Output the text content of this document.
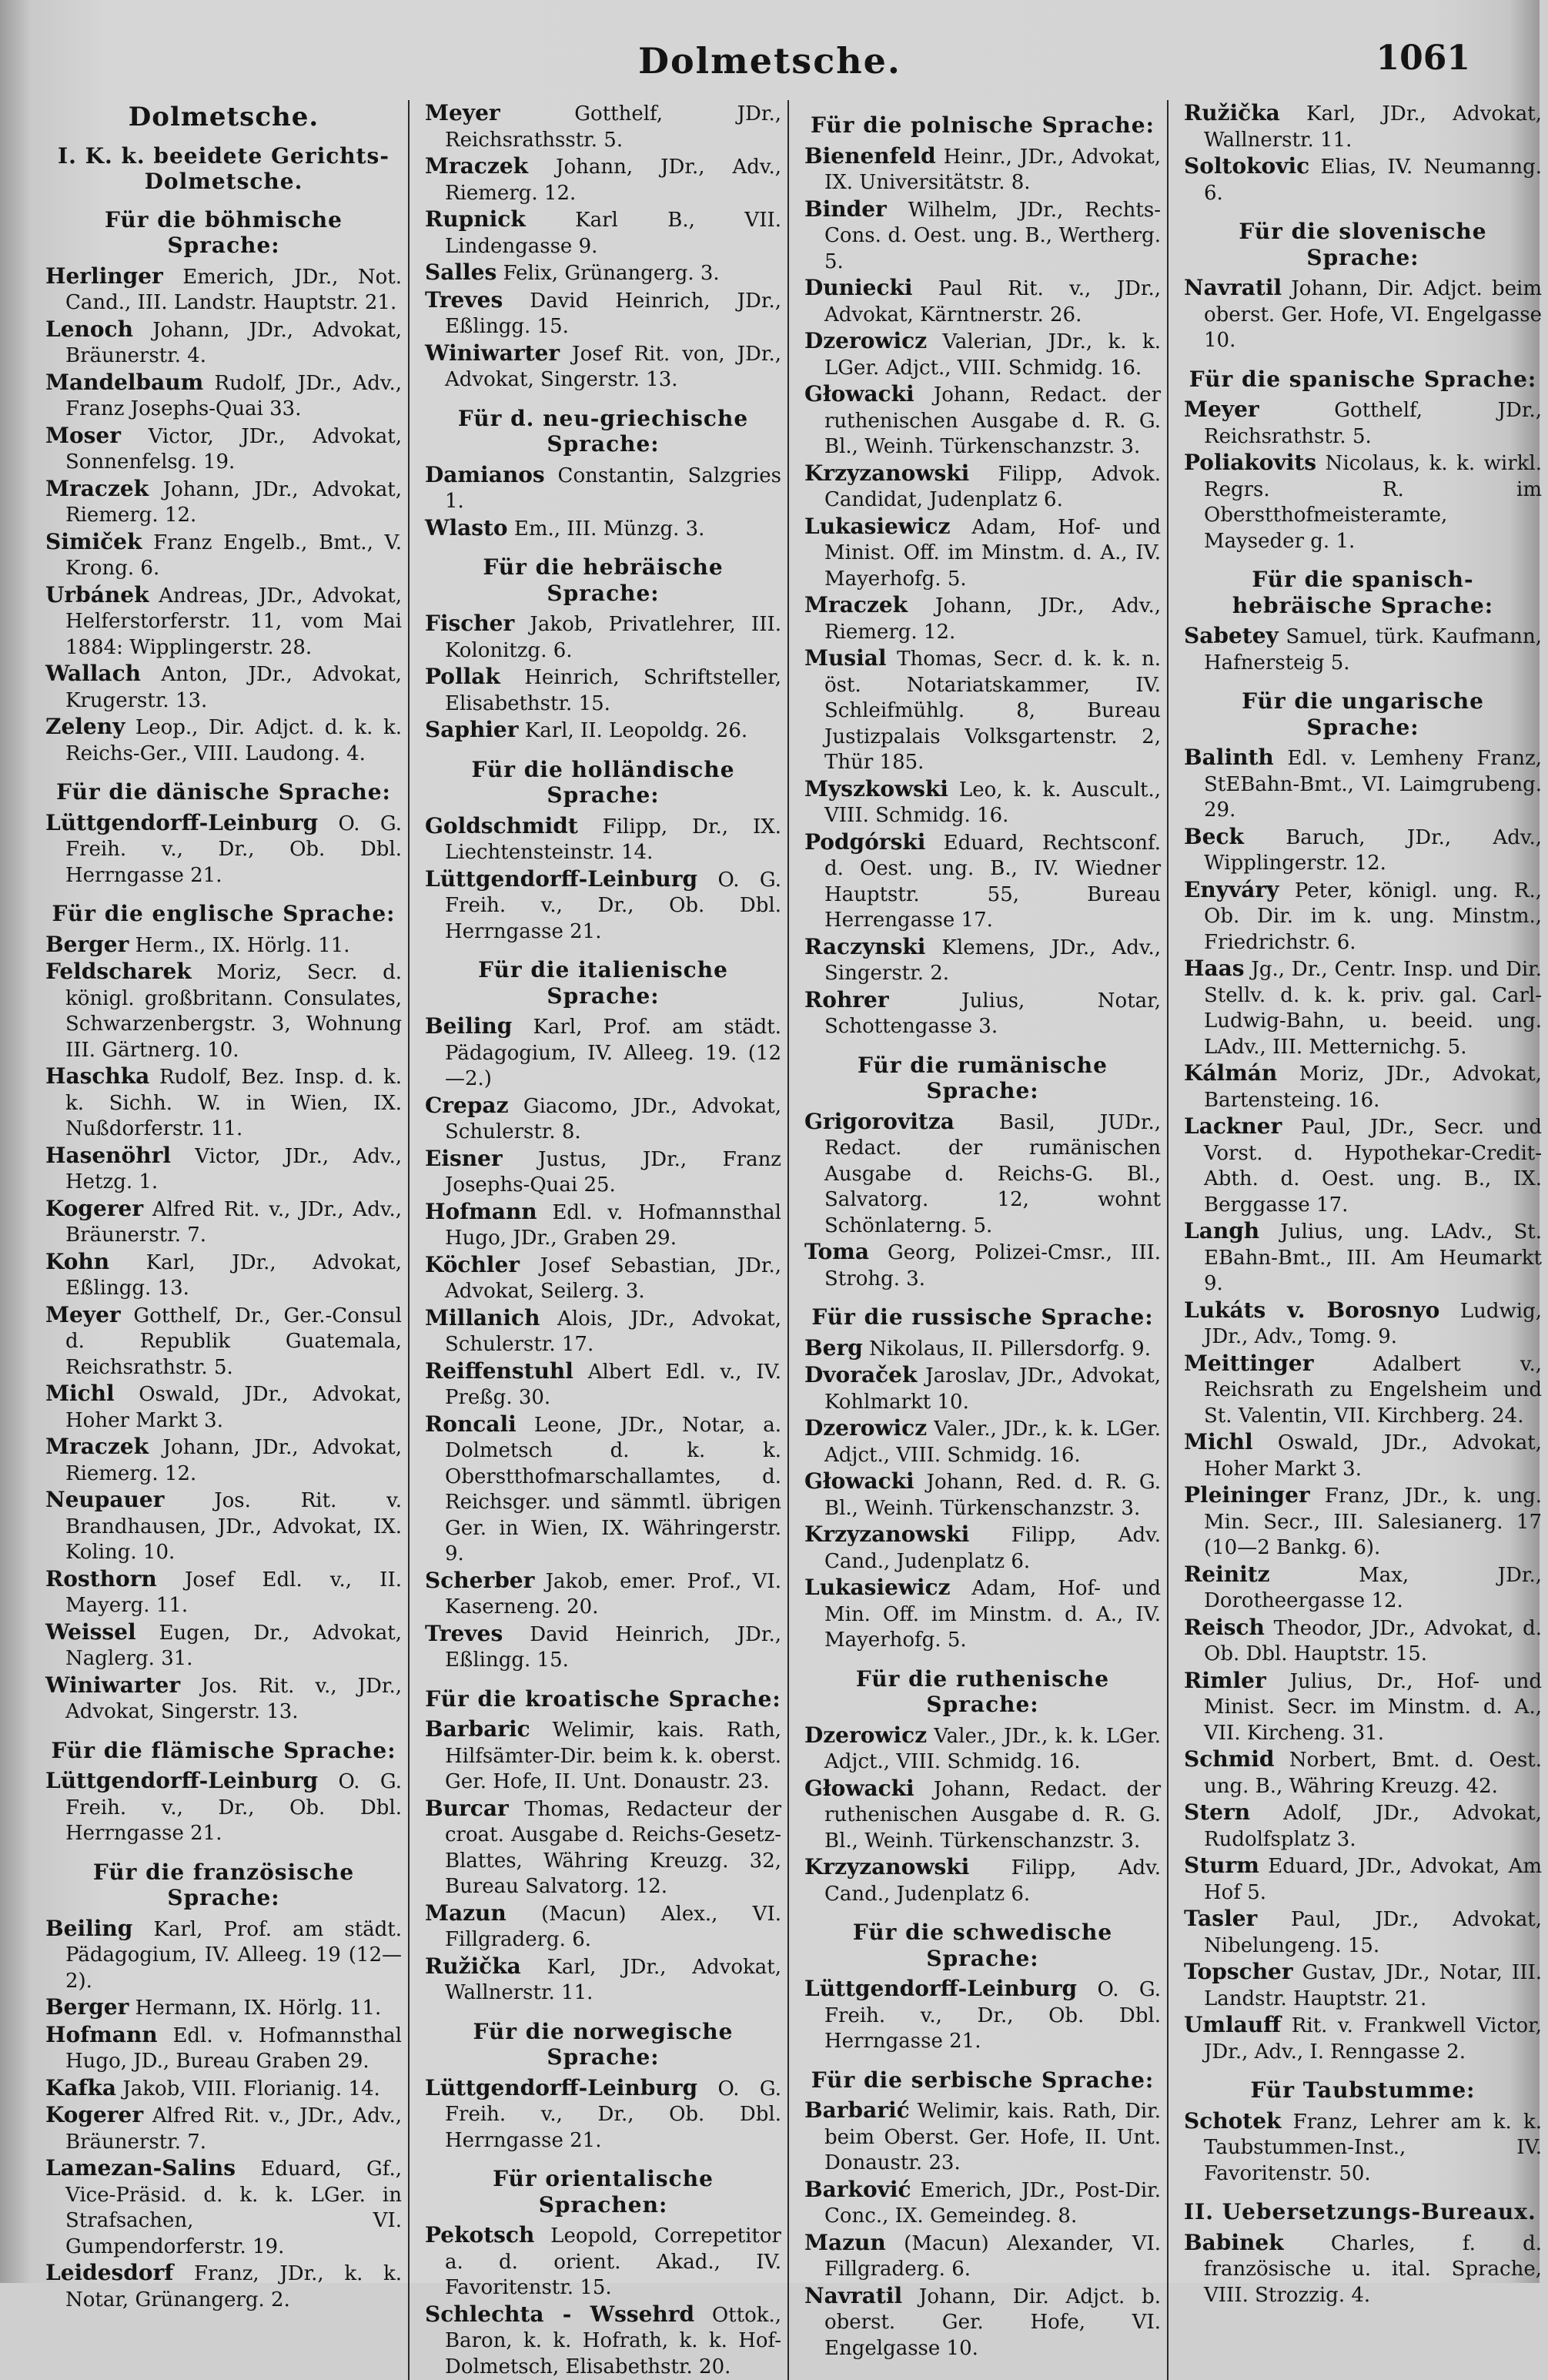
Dolmetsche.	1061
Dolmetsche.
I. K. k. beeidete Gerichts-Dolmetsche.
Für die böhmische Sprache:
Herlinger Emerich, JDr., Not. Cand., III. Landstr. Hauptstr. 21.
Lenoch Johann, JDr., Advokat, Bräunerstr. 4.
Mandelbaum Rudolf, JDr., Adv., Franz Josephs-Quai 33.
Moser Victor, JDr., Advokat, Sonnenfelsg. 19.
Mraczek Johann, JDr., Advokat, Riemerg. 12.
Simiček Franz Engelb., Bmt., V. Krong. 6.
Urbánek Andreas, JDr., Advokat, Helferstorferstr. 11, vom Mai 1884: Wipplingerstr. 28.
Wallach Anton, JDr., Advokat, Krugerstr. 13.
Zeleny Leop., Dir. Adjct. d. k. k. Reichs-Ger., VIII. Laudong. 4.
Für die dänische Sprache:
Lüttgendorff-Leinburg O. G. Freih. v., Dr., Ob. Dbl. Herrngasse 21.
Für die englische Sprache:
Berger Herm., IX. Hörlg. 11.
Feldscharek Moriz, Secr. d. königl. großbritann. Consulates, Schwarzenbergstr. 3, Wohnung III. Gärtnerg. 10.
Haschka Rudolf, Bez. Insp. d. k. k. Sichh. W. in Wien, IX. Nußdorferstr. 11.
Hasenöhrl Victor, JDr., Adv., Hetzg. 1.
Kogerer Alfred Rit. v., JDr., Adv., Bräunerstr. 7.
Kohn Karl, JDr., Advokat, Eßlingg. 13.
Meyer Gotthelf, Dr., Ger.-Consul d. Republik Guatemala, Reichsrathstr. 5.
Michl Oswald, JDr., Advokat, Hoher Markt 3.
Mraczek Johann, JDr., Advokat, Riemerg. 12.
Neupauer Jos. Rit. v. Brandhausen, JDr., Advokat, IX. Koling. 10.
Rosthorn Josef Edl. v., II. Mayerg. 11.
Weissel Eugen, Dr., Advokat, Naglerg. 31.
Winiwarter Jos. Rit. v., JDr., Advokat, Singerstr. 13.
Für die flämische Sprache:
Lüttgendorff-Leinburg O. G. Freih. v., Dr., Ob. Dbl. Herrngasse 21.
Für die französische Sprache:
Beiling Karl, Prof. am städt. Pädagogium, IV. Alleeg. 19 (12—2).
Berger Hermann, IX. Hörlg. 11.
Hofmann Edl. v. Hofmannsthal Hugo, JD., Bureau Graben 29.
Kafka Jakob, VIII. Florianig. 14.
Kogerer Alfred Rit. v., JDr., Adv., Bräunerstr. 7.
Lamezan-Salins Eduard, Gf., Vice-Präsid. d. k. k. LGer. in Strafsachen, VI. Gumpendorferstr. 19.
Leidesdorf Franz, JDr., k. k. Notar, Grünangerg. 2.
Meyer	Gotthelf, JDr., Reichsrathsstr. 5.
Mraczek Johann, JDr., Adv., Riemerg. 12.
Rupnick Karl B., VII. Lindengasse 9.
Salles Felix, Grünangerg. 3.
Treves David Heinrich, JDr., Eßlingg. 15.
Winiwarter Josef Rit. von, JDr., Advokat, Singerstr. 13.
Für d. neu-griechische Sprache:
Damianos Constantin, Salzgries 1.
Wlasto Em., III. Münzg. 3.
Für die hebräische Sprache:
Fischer Jakob, Privatlehrer, III. Kolonitzg. 6.
Pollak Heinrich, Schriftsteller, Elisabethstr. 15.
Saphier Karl, II. Leopoldg. 26.
Für die holländische Sprache:
Goldschmidt Filipp, Dr., IX. Liechtensteinstr. 14.
Lüttgendorff-Leinburg O. G. Freih. v., Dr., Ob. Dbl. Herrngasse 21.
Für die italienische Sprache:
Beiling Karl, Prof. am städt. Pädagogium, IV. Alleeg. 19. (12—2.)
Crepaz Giacomo, JDr., Advokat, Schulerstr. 8.
Eisner Justus, JDr., Franz Josephs-Quai 25.
Hofmann Edl. v. Hofmannsthal Hugo, JDr., Graben 29.
Köchler Josef Sebastian, JDr., Advokat, Seilerg. 3.
Millanich Alois, JDr., Advokat, Schulerstr. 17.
Reiffenstuhl Albert Edl. v., IV. Preßg. 30.
Roncali Leone, JDr., Notar, a. Dolmetsch d. k. k. Oberstthofmarschallamtes, d. Reichsger. und sämmtl. übrigen Ger. in Wien, IX. Währingerstr. 9.
Scherber Jakob, emer. Prof., VI. Kaserneng. 20.
Treves David Heinrich, JDr., Eßlingg. 15.
Für die kroatische Sprache:
Barbaric Welimir, kais. Rath, Hilfsämter-Dir. beim k. k. oberst. Ger. Hofe, II. Unt. Donaustr. 23.
Burcar Thomas, Redacteur der croat. Ausgabe d. Reichs-Gesetz-Blattes, Währing Kreuzg. 32, Bureau Salvatorg. 12.
Mazun (Macun) Alex., VI. Fillgraderg. 6.
Ružička Karl, JDr., Advokat, Wallnerstr. 11.
Für die norwegische Sprache:
Lüttgendorff-Leinburg O. G. Freih. v., Dr., Ob. Dbl. Herrngasse 21.
Für orientalische Sprachen:
Pekotsch Leopold, Correpetitor a. d. orient. Akad., IV. Favoritenstr. 15.
Schlechta - Wssehrd Ottok., Baron, k. k. Hofrath, k. k. Hof-Dolmetsch, Elisabethstr. 20.
Für die polnische Sprache:
Bienenfeld Heinr., JDr., Advokat, IX. Universitätstr. 8.
Binder Wilhelm, JDr., Rechts-Cons. d. Oest. ung. B., Wertherg. 5.
Duniecki Paul Rit. v., JDr., Advokat, Kärntnerstr. 26.
Dzerowicz Valerian, JDr., k. k. LGer. Adjct., VIII. Schmidg. 16.
Głowacki Johann, Redact. der ruthenischen Ausgabe d. R. G. Bl., Weinh. Türkenschanzstr. 3.
Krzyzanowski Filipp, Advok. Candidat, Judenplatz 6.
Lukasiewicz Adam, Hof- und Minist. Off. im Minstm. d. A., IV. Mayerhofg. 5.
Mraczek Johann, JDr., Adv., Riemerg. 12.
Musial Thomas, Secr. d. k. k. n. öst. Notariatskammer, IV. Schleifmühlg. 8, Bureau Justizpalais Volksgartenstr. 2, Thür 185.
Myszkowski Leo, k. k. Auscult., VIII. Schmidg. 16.
Podgórski Eduard, Rechtsconf. d. Oest. ung. B., IV. Wiedner Hauptstr. 55, Bureau Herrengasse 17.
Raczynski Klemens, JDr., Adv., Singerstr. 2.
Rohrer	Julius, Notar, Schottengasse 3.
Für die rumänische Sprache:
Grigorovitza Basil, JUDr., Redact. der rumänischen Ausgabe d. Reichs-G. Bl., Salvatorg. 12, wohnt Schönlaterng. 5.
Toma Georg, Polizei-Cmsr., III. Strohg. 3.
Für die russische Sprache:
Berg Nikolaus, II. Pillersdorfg. 9.
Dvoraček Jaroslav, JDr., Advokat, Kohlmarkt 10.
Dzerowicz Valer., JDr., k. k. LGer. Adjct., VIII. Schmidg. 16.
Głowacki Johann, Red. d. R. G. Bl., Weinh. Türkenschanzstr. 3.
Krzyzanowski Filipp, Adv. Cand., Judenplatz 6.
Lukasiewicz Adam, Hof- und Min. Off. im Minstm. d. A., IV. Mayerhofg. 5.
Für die ruthenische Sprache:
Dzerowicz Valer., JDr., k. k. LGer. Adjct., VIII. Schmidg. 16.
Głowacki Johann, Redact. der ruthenischen Ausgabe d. R. G. Bl., Weinh. Türkenschanzstr. 3.
Krzyzanowski Filipp, Adv. Cand., Judenplatz 6.
Für die schwedische Sprache:
Lüttgendorff-Leinburg O. G. Freih. v., Dr., Ob. Dbl. Herrngasse 21.
Für die serbische Sprache:
Barbarić Welimir, kais. Rath, Dir. beim Oberst. Ger. Hofe, II. Unt. Donaustr. 23.
Barković Emerich, JDr., Post-Dir. Conc., IX. Gemeindeg. 8.
Mazun (Macun) Alexander, VI. Fillgraderg. 6.
Navratil Johann, Dir. Adjct. b. oberst. Ger. Hofe, VI. Engelgasse 10.
Ružička Karl, JDr., Advokat, Wallnerstr. 11.
Soltokovic Elias, IV. Neumanng. 6.
Für die slovenische Sprache:
Navratil Johann, Dir. Adjct. beim oberst. Ger. Hofe, VI. Engelgasse 10.
Für die spanische Sprache:
Meyer	Gotthelf, JDr., Reichsrathstr. 5.
Poliakovits Nicolaus, k. k. wirkl. Regrs. R. im Oberstthofmeisteramte, Mayseder g. 1.
Für die spanisch-hebräische Sprache:
Sabetey Samuel, türk. Kaufmann, Hafnersteig 5.
Für die ungarische Sprache:
Balinth Edl. v. Lemheny Franz, StEBahn-Bmt., VI. Laimgrubeng. 29.
Beck Baruch, JDr., Adv., Wipplingerstr. 12.
Enyváry Peter, königl. ung. R., Ob. Dir. im k. ung. Minstm., Friedrichstr. 6.
Haas Jg., Dr., Centr. Insp. und Dir. Stellv. d. k. k. priv. gal. Carl-Ludwig-Bahn, u. beeid. ung. LAdv., III. Metternichg. 5.
Kálmán Moriz, JDr., Advokat, Bartensteing. 16.
Lackner Paul, JDr., Secr. und Vorst. d. Hypothekar-Credit-Abth. d. Oest. ung. B., IX. Berggasse 17.
Langh Julius, ung. LAdv., St. EBahn-Bmt., III. Am Heumarkt 9.
Lukáts v. Borosnyo Ludwig, JDr., Adv., Tomg. 9.
Meittinger	Adalbert v., Reichsrath zu Engelsheim und St. Valentin, VII. Kirchberg. 24.
Michl Oswald, JDr., Advokat, Hoher Markt 3.
Pleininger Franz, JDr., k. ung. Min. Secr., III. Salesianerg. 17 (10—2 Bankg. 6).
Reinitz	Max, JDr., Dorotheergasse 12.
Reisch Theodor, JDr., Advokat, d. Ob. Dbl. Hauptstr. 15.
Rimler Julius, Dr., Hof- und Minist. Secr. im Minstm. d. A., VII. Kircheng. 31.
Schmid Norbert, Bmt. d. Oest. ung. B., Währing Kreuzg. 42.
Stern Adolf, JDr., Advokat, Rudolfsplatz 3.
Sturm Eduard, JDr., Advokat, Am Hof 5.
Tasler Paul, JDr., Advokat, Nibelungeng. 15.
Topscher Gustav, JDr., Notar, III. Landstr. Hauptstr. 21.
Umlauff Rit. v. Frankwell Victor, JDr., Adv., I. Renngasse 2.
Für Taubstumme:
Schotek Franz, Lehrer am k. k. Taubstummen-Inst., IV. Favoritenstr. 50.
II. Uebersetzungs-Bureaux.
Babinek Charles, f. d. französische u. ital. Sprache, VIII. Strozzig. 4.
